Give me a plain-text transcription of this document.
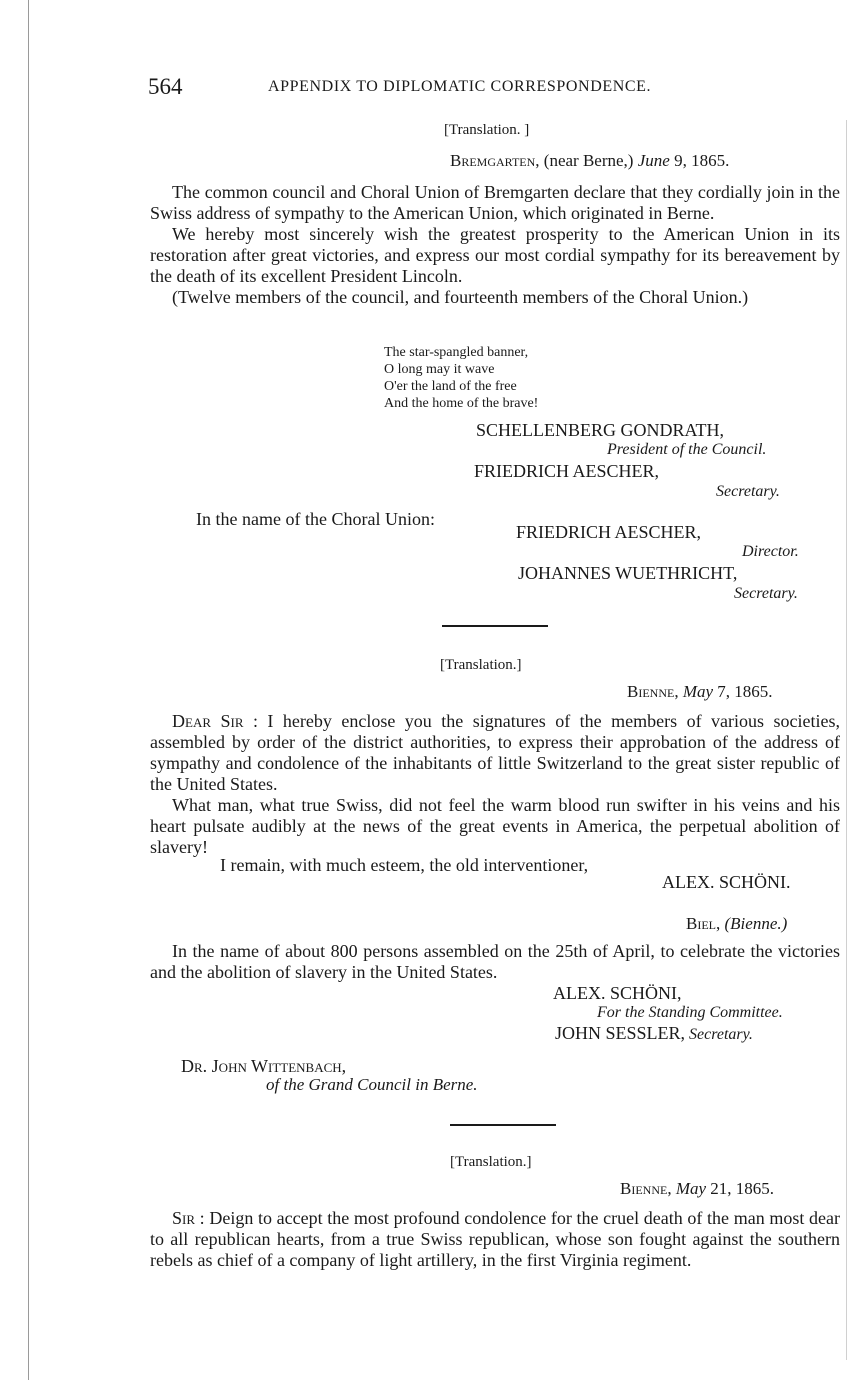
564	APPENDIX TO DIPLOMATIC CORRESPONDENCE.
[Translation. ]
Bremgarten, (near Berne,) June 9, 1865.

The common council and Choral Union of Bremgarten declare that they cordially join in the Swiss address of sympathy to the American Union, which originated in Berne.

We hereby most sincerely wish the greatest prosperity to the American Union in its restoration after great victories, and express our most cordial sympathy for its bereavement by the death of its excellent President Lincoln.

(Twelve members of the council, and fourteenth members of the Choral Union.)

The star-spangled banner,
O long may it wave
O'er the land of the free
And the home of the brave!
SCHELLENBERG GONDRATH,
President of the Council.
FRIEDRICH AESCHER,
Secretary.
In the name of the Choral Union:
FRIEDRICH AESCHER,
Director.
JOHANNES WUETHRICHT,
Secretary.
[Translation.]
Bienne, May 7, 1865.

Dear Sir : I hereby enclose you the signatures of the members of various societies, assembled by order of the district authorities, to express their approbation of the address of sympathy and condolence of the inhabitants of little Switzerland to the great sister republic of the United States.

What man, what true Swiss, did not feel the warm blood run swifter in his veins and his heart pulsate audibly at the news of the great events in America, the perpetual abolition of slavery!

I remain, with much esteem, the old interventioner,
ALEX. SCHÖNI.
Biel, (Bienne.)

In the name of about 800 persons assembled on the 25th of April, to celebrate the victories and the abolition of slavery in the United States.

ALEX. SCHÖNI,
For the Standing Committee.
JOHN SESSLER, Secretary.
Dr. John Wittenbach,
of the Grand Council in Berne.
[Translation.]
Bienne, May 21, 1865.

Sir : Deign to accept the most profound condolence for the cruel death of the man most dear to all republican hearts, from a true Swiss republican, whose son fought against the southern rebels as chief of a company of light artillery, in the first Virginia regiment.
